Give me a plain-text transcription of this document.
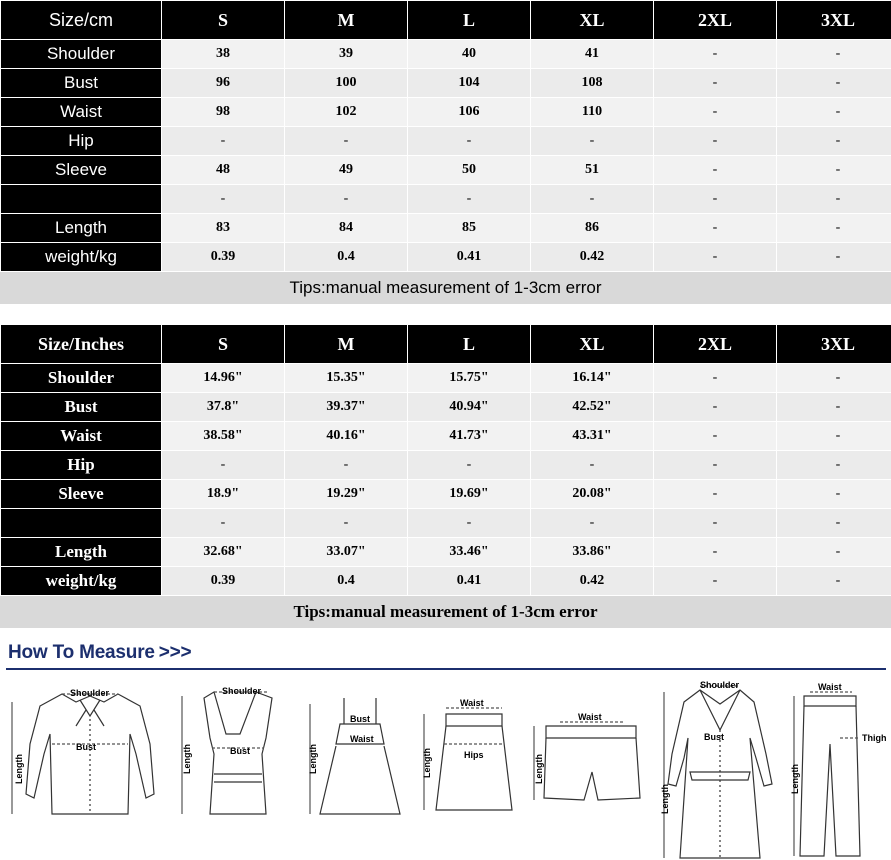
Size/cm	S	M	L	XL	2XL	3XL
Shoulder	38	39	40	41	-	-
Bust	96	100	104	108	-	-
Waist	98	102	106	110	-	-
Hip	-	-	-	-	-	-
Sleeve	48	49	50	51	-	-
	-	-	-	-	-	-
Length	83	84	85	86	-	-
weight/kg	0.39	0.4	0.41	0.42	-	-
Tips:manual measurement of 1-3cm error
Size/Inches	S	M	L	XL	2XL	3XL
Shoulder	14.96"	15.35"	15.75"	16.14"	-	-
Bust	37.8"	39.37"	40.94"	42.52"	-	-
Waist	38.58"	40.16"	41.73"	43.31"	-	-
Hip	-	-	-	-	-	-
Sleeve	18.9"	19.29"	19.69"	20.08"	-	-
	-	-	-	-	-	-
Length	32.68"	33.07"	33.46"	33.86"	-	-
weight/kg	0.39	0.4	0.41	0.42	-	-
Tips:manual measurement of 1-3cm error
How To Measure >>>
Shoulder
Bust
Length
Shoulder
Bust
Length
Bust
Waist
Length
Waist
Hips
Length
Waist
Length
Shoulder
Bust
Length
Waist
Thigh
Length
